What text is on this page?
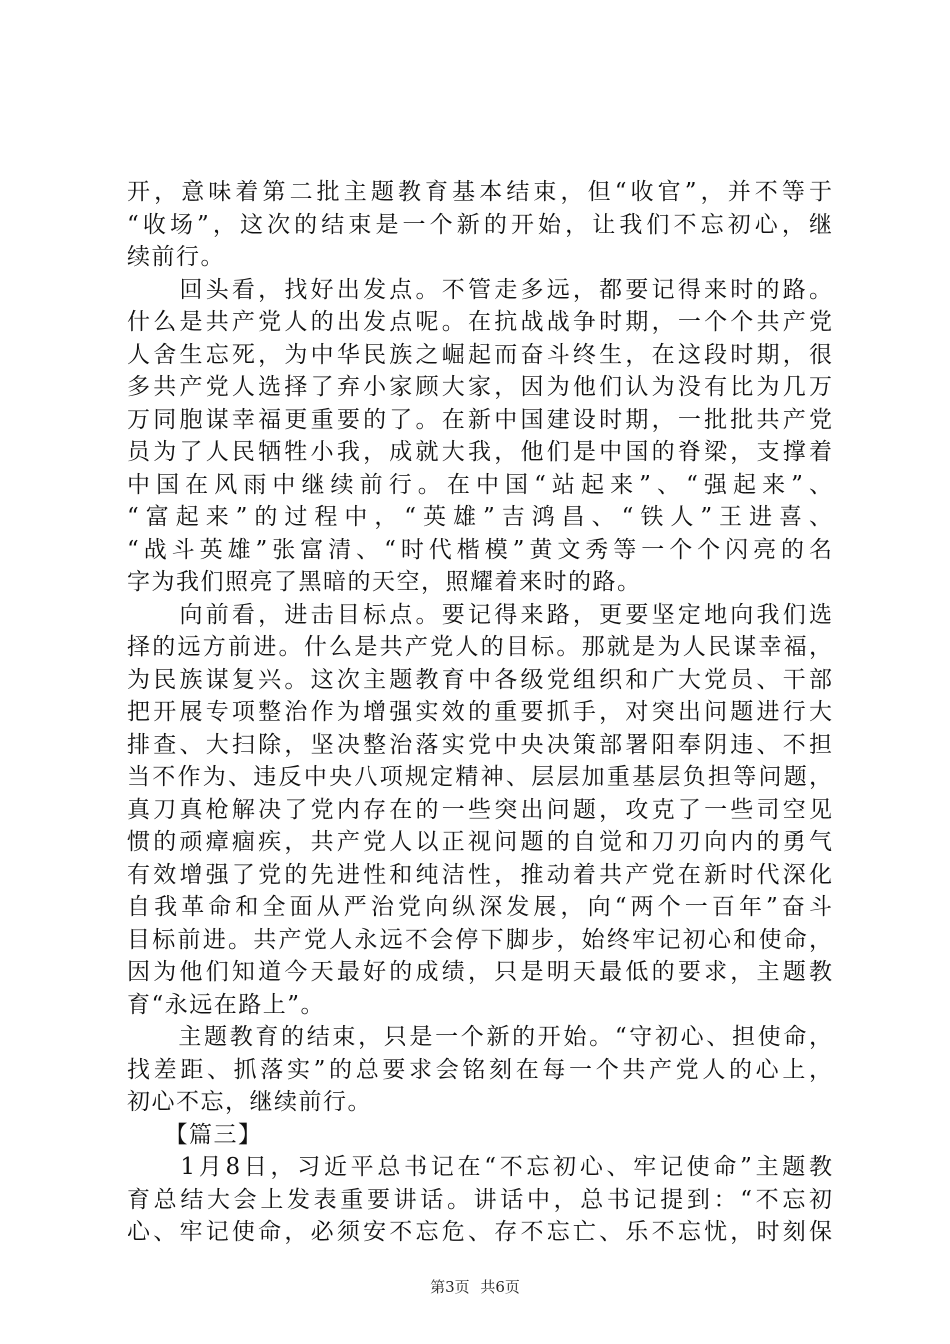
开，意味着第二批主题教育基本结束，但“收官”，并不等于
“收场”，这次的结束是一个新的开始，让我们不忘初心，继
续前行。
　　回头看，找好出发点。不管走多远，都要记得来时的路。
什么是共产党人的出发点呢。在抗战战争时期，一个个共产党
人舍生忘死，为中华民族之崛起而奋斗终生，在这段时期，很
多共产党人选择了弃小家顾大家，因为他们认为没有比为几万
万同胞谋幸福更重要的了。在新中国建设时期，一批批共产党
员为了人民牺牲小我，成就大我，他们是中国的脊梁，支撑着
中国在风雨中继续前行。在中国“站起来”、“强起来”、
“富起来”的过程中，“英雄”吉鸿昌、“铁人”王进喜、
“战斗英雄”张富清、“时代楷模”黄文秀等一个个闪亮的名
字为我们照亮了黑暗的天空，照耀着来时的路。
　　向前看，进击目标点。要记得来路，更要坚定地向我们选
择的远方前进。什么是共产党人的目标。那就是为人民谋幸福，
为民族谋复兴。这次主题教育中各级党组织和广大党员、干部
把开展专项整治作为增强实效的重要抓手，对突出问题进行大
排查、大扫除，坚决整治落实党中央决策部署阳奉阴违、不担
当不作为、违反中央八项规定精神、层层加重基层负担等问题，
真刀真枪解决了党内存在的一些突出问题，攻克了一些司空见
惯的顽瘴痼疾，共产党人以正视问题的自觉和刀刃向内的勇气
有效增强了党的先进性和纯洁性，推动着共产党在新时代深化
自我革命和全面从严治党向纵深发展，向“两个一百年”奋斗
目标前进。共产党人永远不会停下脚步，始终牢记初心和使命，
因为他们知道今天最好的成绩，只是明天最低的要求，主题教
育“永远在路上”。
　　主题教育的结束，只是一个新的开始。“守初心、担使命，
找差距、抓落实”的总要求会铭刻在每一个共产党人的心上，
初心不忘，继续前行。
　　【篇三】
　　1月8日，习近平总书记在“不忘初心、牢记使命”主题教
育总结大会上发表重要讲话。讲话中，总书记提到：“不忘初
心、牢记使命，必须安不忘危、存不忘亡、乐不忘忧，时刻保
第3页 共6页
